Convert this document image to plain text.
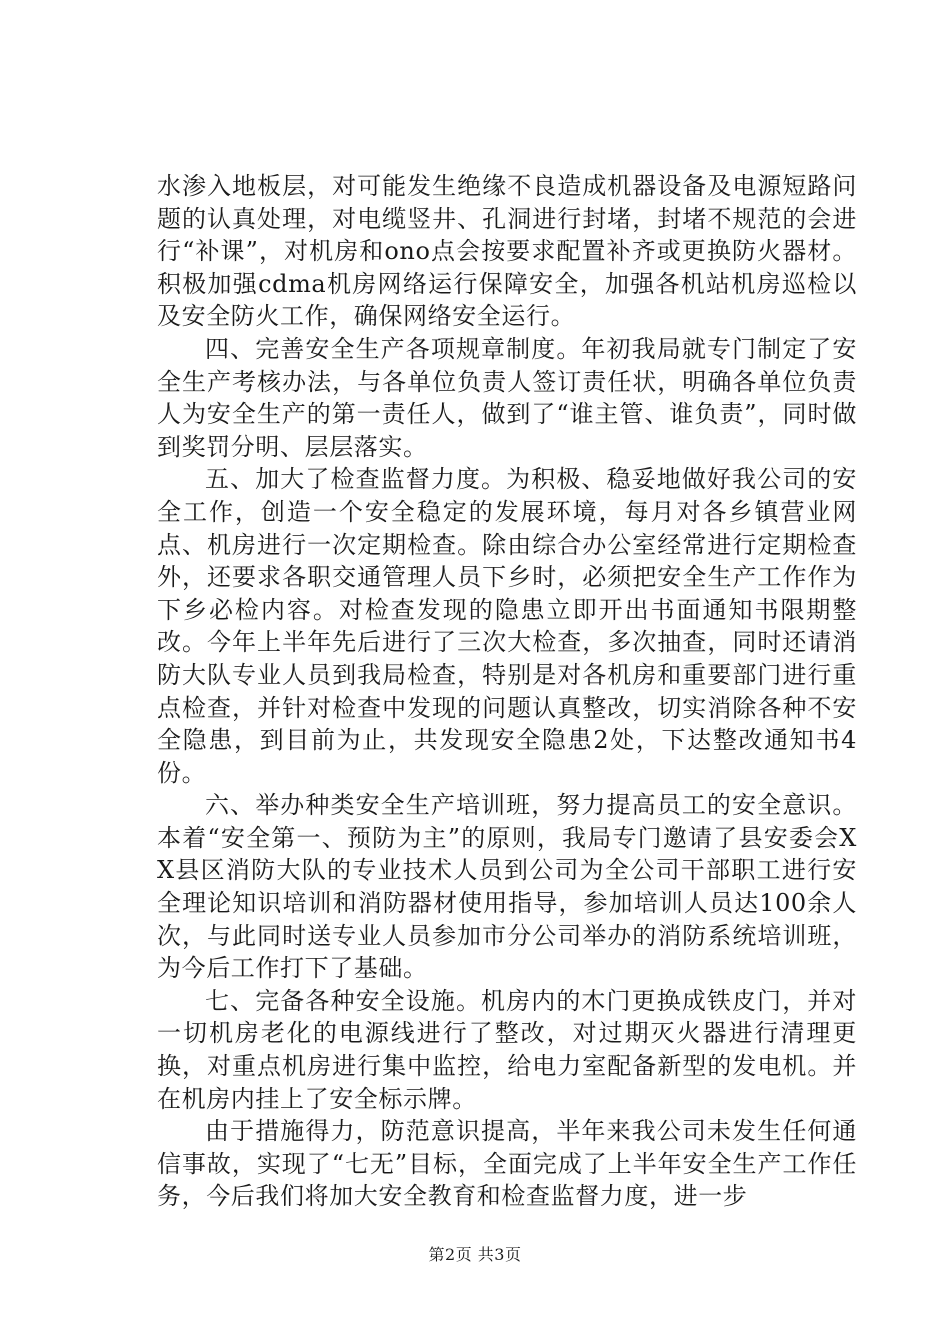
水渗入地板层，对可能发生绝缘不良造成机器设备及电源短路问题的认真处理，对电缆竖井、孔洞进行封堵，封堵不规范的会进行“补课”，对机房和ono点会按要求配置补齐或更换防火器材。积极加强cdma机房网络运行保障安全，加强各机站机房巡检以及安全防火工作，确保网络安全运行。

四、完善安全生产各项规章制度。年初我局就专门制定了安全生产考核办法，与各单位负责人签订责任状，明确各单位负责人为安全生产的第一责任人，做到了“谁主管、谁负责”，同时做到奖罚分明、层层落实。

五、加大了检查监督力度。为积极、稳妥地做好我公司的安全工作，创造一个安全稳定的发展环境，每月对各乡镇营业网点、机房进行一次定期检查。除由综合办公室经常进行定期检查外，还要求各职交通管理人员下乡时，必须把安全生产工作作为下乡必检内容。对检查发现的隐患立即开出书面通知书限期整改。今年上半年先后进行了三次大检查，多次抽查，同时还请消防大队专业人员到我局检查，特别是对各机房和重要部门进行重点检查，并针对检查中发现的问题认真整改，切实消除各种不安全隐患，到目前为止，共发现安全隐患2处，下达整改通知书4份。

六、举办种类安全生产培训班，努力提高员工的安全意识。本着“安全第一、预防为主”的原则，我局专门邀请了县安委会XX县区消防大队的专业技术人员到公司为全公司干部职工进行安全理论知识培训和消防器材使用指导，参加培训人员达100余人次，与此同时送专业人员参加市分公司举办的消防系统培训班，为今后工作打下了基础。

七、完备各种安全设施。机房内的木门更换成铁皮门，并对一切机房老化的电源线进行了整改，对过期灭火器进行清理更换，对重点机房进行集中监控，给电力室配备新型的发电机。并在机房内挂上了安全标示牌。

由于措施得力，防范意识提高，半年来我公司未发生任何通信事故，实现了“七无”目标，全面完成了上半年安全生产工作任务，今后我们将加大安全教育和检查监督力度，进一步

第2页 共3页
